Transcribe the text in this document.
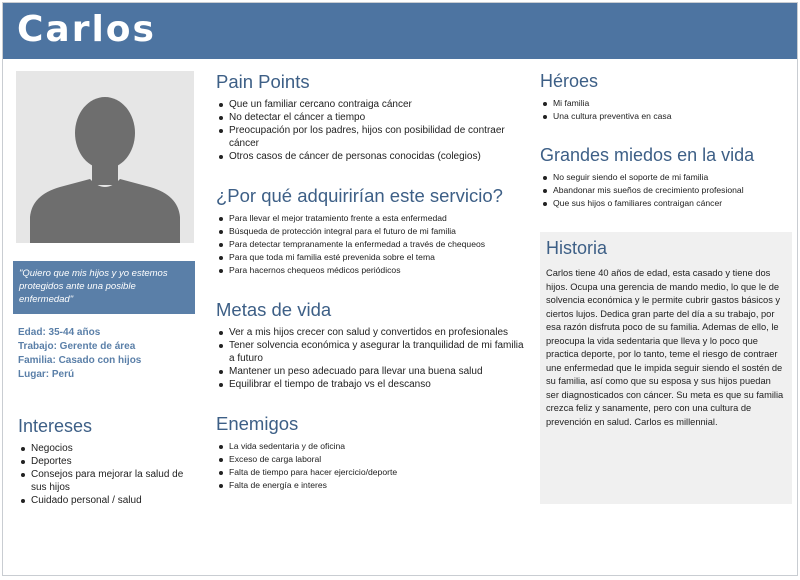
Carlos
"Quiero que mis hijos y yo estemos protegidos ante una posible enfermedad"
Edad: 35-44 años
Trabajo: Gerente de área
Familia: Casado con hijos
Lugar: Perú
Intereses
Negocios
Deportes
Consejos para mejorar la salud de sus hijos
Cuidado personal / salud
Pain Points
Que un familiar cercano contraiga cáncer
No detectar el cáncer a tiempo
Preocupación por los padres, hijos con posibilidad de contraer cáncer
Otros casos de cáncer de personas conocidas (colegios)
¿Por qué adquirirían este servicio?
Para llevar el mejor tratamiento frente a esta enfermedad
Búsqueda de protección integral para el futuro de mi familia
Para detectar tempranamente la enfermedad a través de chequeos
Para que toda mi familia esté prevenida sobre el tema
Para hacernos chequeos médicos periódicos
Metas de vida
Ver a mis hijos crecer con salud y convertidos en profesionales
Tener solvencia económica y asegurar la tranquilidad de mi familia a futuro
Mantener un peso adecuado para llevar una buena salud
Equilibrar el tiempo de trabajo vs el descanso
Enemigos
La vida sedentaria y de oficina
Exceso de carga laboral
Falta de tiempo para hacer ejercicio/deporte
Falta de energía e interes
Héroes
Mi familia
Una cultura preventiva en casa
Grandes miedos en la vida
No seguir siendo el soporte de mi familia
Abandonar mis sueños de crecimiento profesional
Que sus hijos o familiares contraigan cáncer
Historia

Carlos tiene 40 años de edad, esta casado y tiene dos hijos. Ocupa una gerencia de mando medio, lo que le de solvencia económica y le permite cubrir gastos básicos y ciertos lujos. Dedica gran parte del día a su trabajo, por esa razón disfruta poco de su familia. Ademas de ello, le preocupa la vida sedentaria que lleva y lo poco que practica deporte, por lo tanto, teme el riesgo de contraer une enfermedad que le impida seguir siendo el sostén de su familia, así como que su esposa y sus hijos puedan ser diagnosticados con cáncer. Su meta es que su familia crezca feliz y sanamente, pero con una cultura de prevención en salud. Carlos es millennial.
